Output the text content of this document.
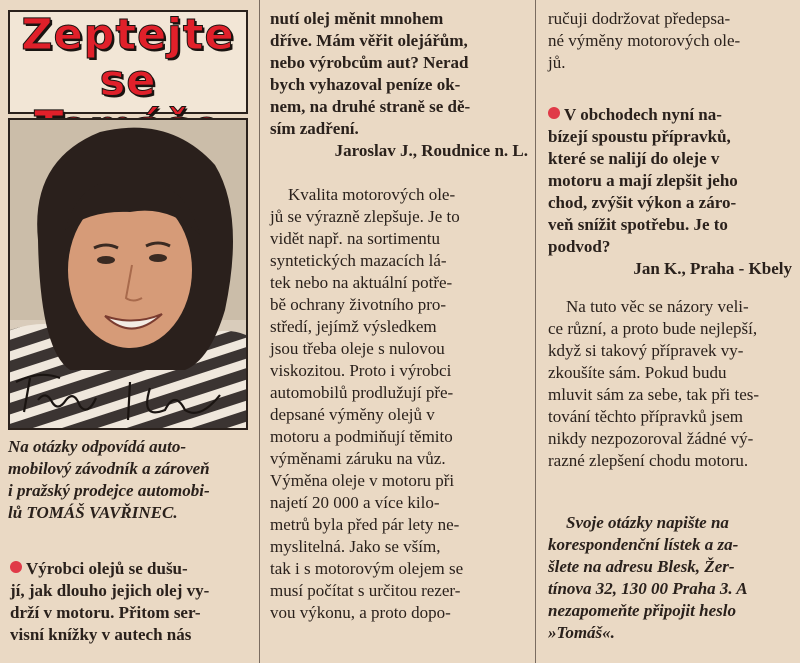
Zeptejte se
Na otázky odpovídá auto-
mobilový závodník a zároveň
i pražský prodejce automobi-
lů TOMÁŠ VAVŘINEC.
Výrobci olejů se dušu-
jí, jak dlouho jejich olej vy-
drží v motoru. Přitom ser-
visní knížky v autech nás
nutí olej měnit mnohem
dříve. Mám věřit olejářům,
nebo výrobcům aut? Nerad
bych vyhazoval peníze ok-
nem, na druhé straně se dě-
sím zadření.
Jaroslav J., Roudnice n. L.
Kvalita motorových ole-
jů se výrazně zlepšuje. Je to
vidět např. na sortimentu
syntetických mazacích lá-
tek nebo na aktuální potře-
bě ochrany životního pro-
středí, jejímž výsledkem
jsou třeba oleje s nulovou
viskozitou. Proto i výrobci
automobilů prodlužují pře-
depsané výměny olejů v
motoru a podmiňují těmito
výměnami záruku na vůz.
Výměna oleje v motoru při
najetí 20 000 a více kilo-
metrů byla před pár lety ne-
myslitelná. Jako se vším,
tak i s motorovým olejem se
musí počítat s určitou rezer-
vou výkonu, a proto dopo-
ručuji dodržovat předepsa-
né výměny motorových ole-
jů.
V obchodech nyní na-
bízejí spoustu přípravků,
které se nalijí do oleje v
motoru a mají zlepšit jeho
chod, zvýšit výkon a záro-
veň snížit spotřebu. Je to
podvod?
Jan K., Praha - Kbely
Na tuto věc se názory veli-
ce různí, a proto bude nejlepší,
když si takový přípravek vy-
zkoušíte sám. Pokud budu
mluvit sám za sebe, tak při tes-
tování těchto přípravků jsem
nikdy nezpozoroval žádné vý-
razné zlepšení chodu motoru.
Svoje otázky napište na
korespondenční lístek a za-
šlete na adresu Blesk, Žer-
tínova 32, 130 00 Praha 3. A
nezapomeňte připojit heslo
»Tomáš«.
